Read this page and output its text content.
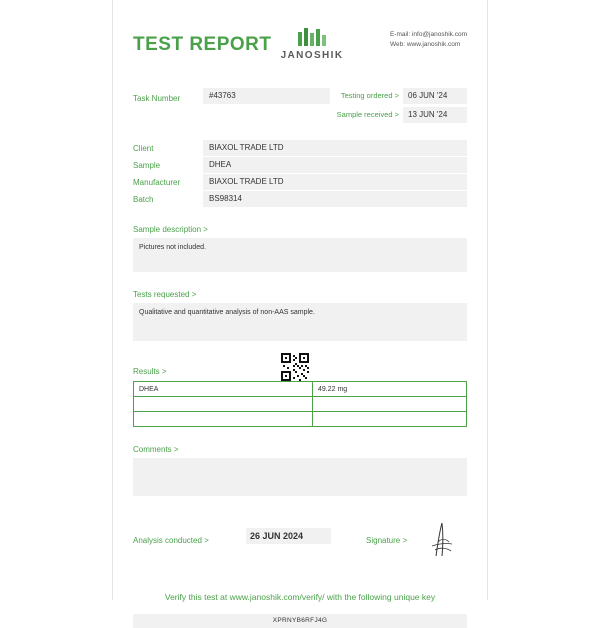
TEST REPORT
JANOSHIK
E-mail: info@janoshik.com
Web: www.janoshik.com
Task Number	#43763	Testing ordered >	06 JUN '24
Sample received >	13 JUN '24
Client	BIAXOL TRADE LTD
Sample	DHEA
Manufacturer	BIAXOL TRADE LTD
Batch	BS98314
Sample description >
Pictures not included.
Tests requested >
Qualitative and quantitative analysis of non-AAS sample.
Results >
DHEA	49.22 mg

Comments >
Analysis conducted >	26 JUN 2024	Signature >
Verify this test at www.janoshik.com/verify/ with the following unique key
XPRNYB6RFJ4G
